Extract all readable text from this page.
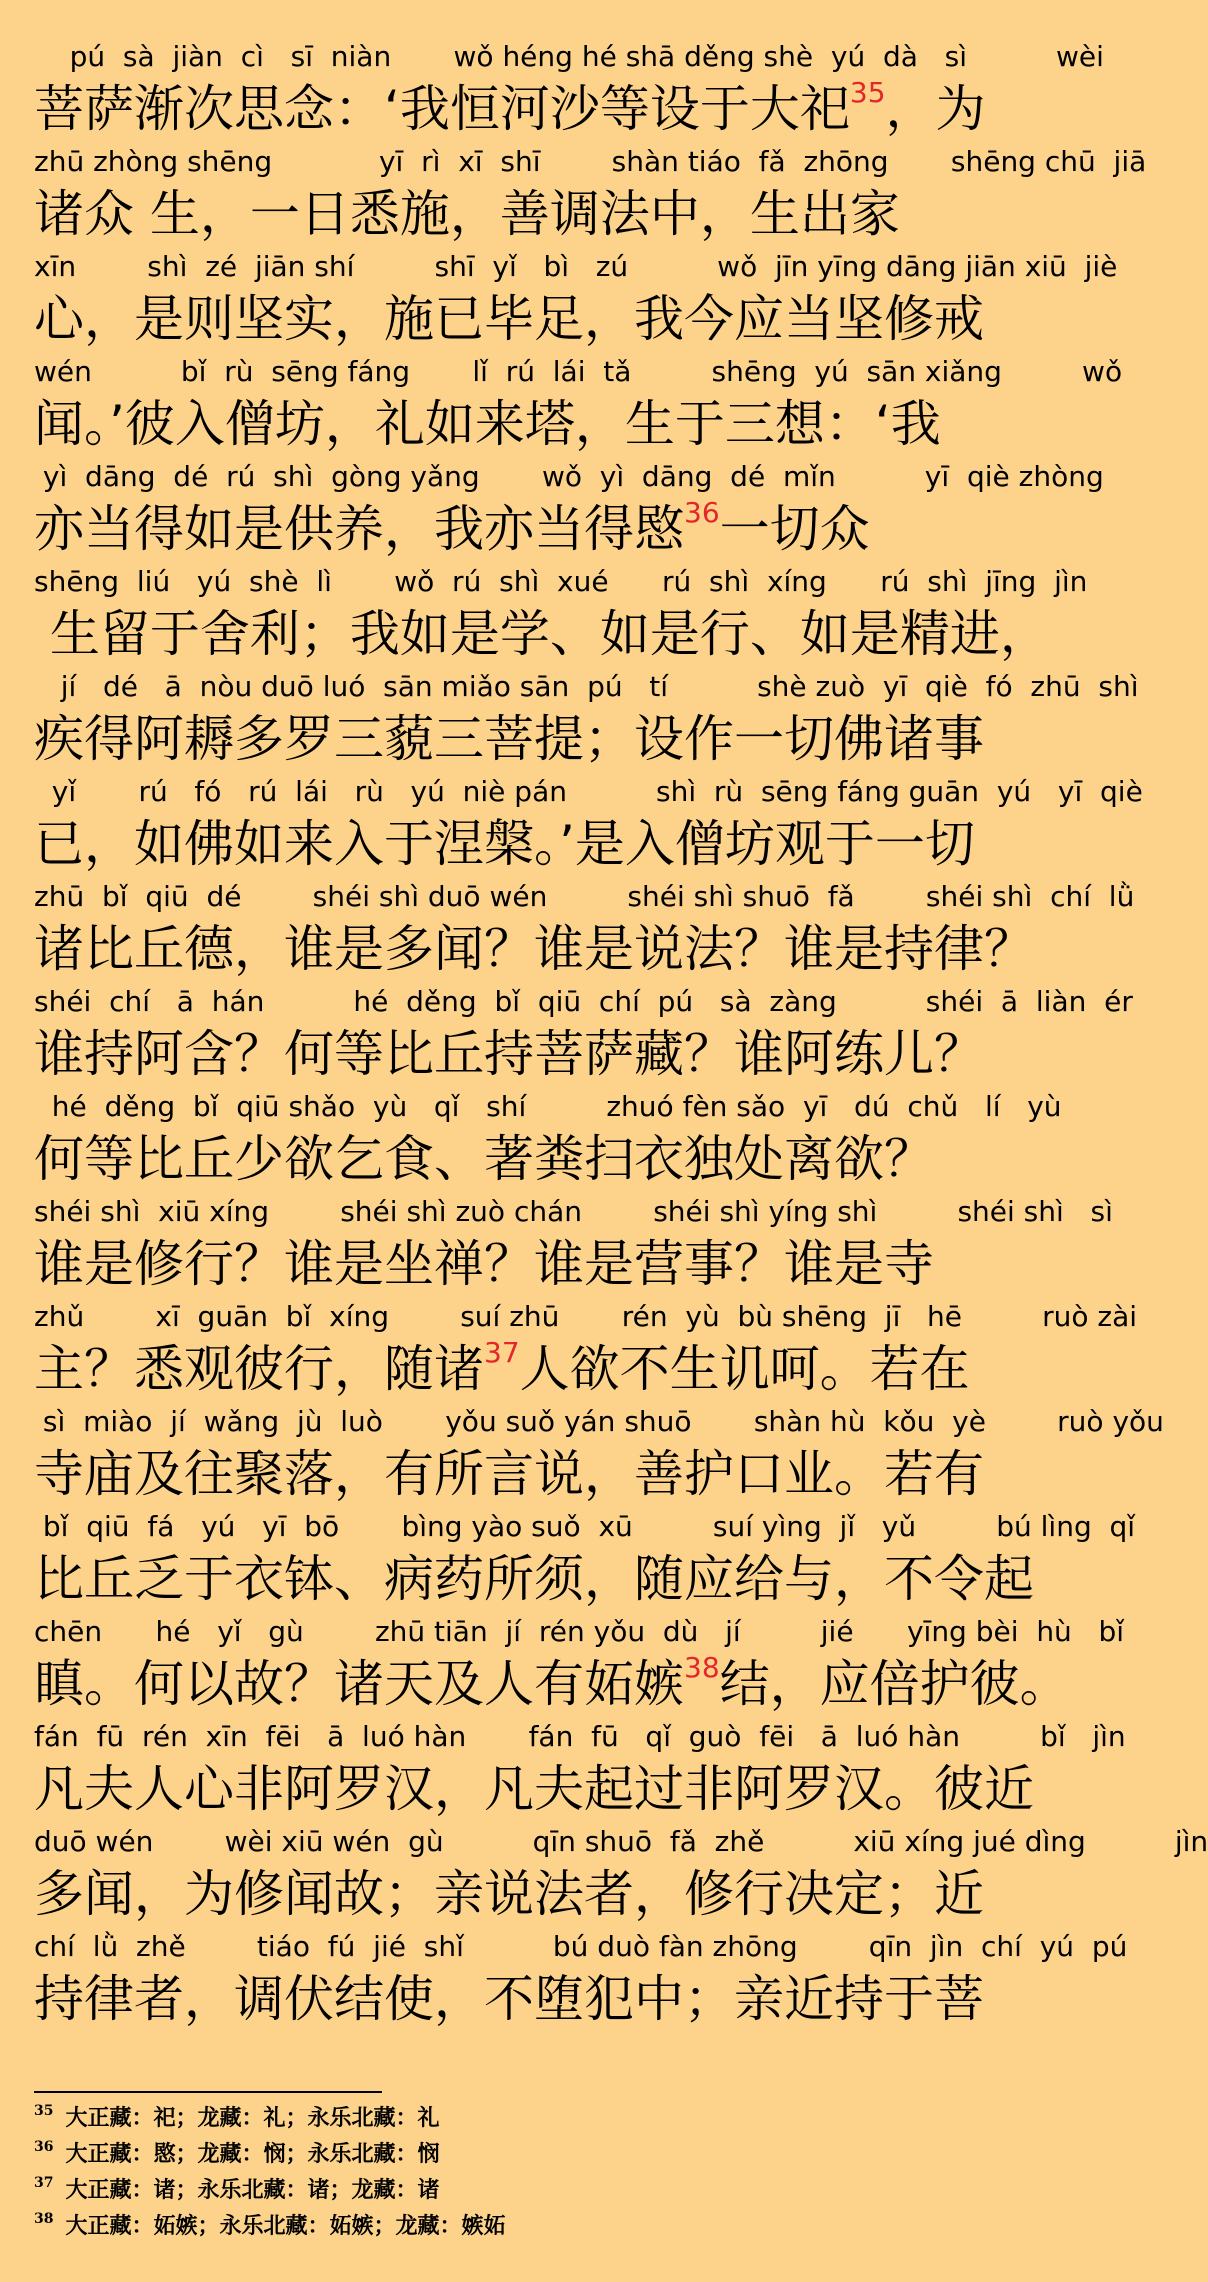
pú  sà  jiàn  cì   sī  niàn       wǒ héng hé shā děng shè  yú  dà   sì          wèi
菩萨渐次思念：‘我恒河沙等设于大祀$^{35}$，为
zhū zhòng shēng            yī  rì  xī  shī        shàn tiáo  fǎ  zhōng       shēng chū  jiā
诸众 生，一日悉施，善调法中，生出家
xīn        shì  zé  jiān shí         shī  yǐ   bì   zú          wǒ  jīn yīng dāng jiān xiū  jiè
心，是则坚实，施已毕足，我今应当坚修戒
wén          bǐ  rù  sēng fáng       lǐ  rú  lái  tǎ         shēng  yú  sān xiǎng         wǒ
闻。’彼入僧坊，礼如来塔，生于三想：‘我
yì  dāng  dé  rú  shì  gòng yǎng       wǒ  yì  dāng  dé  mǐn          yī  qiè zhòng
亦当得如是供养，我亦当得愍$^{36}$一切众
shēng  liú   yú  shè  lì       wǒ  rú  shì  xué      rú  shì  xíng      rú  shì  jīng  jìn
生留于舍利；我如是学、如是行、如是精进，
jí   dé   ā  nòu duō luó  sān miǎo sān  pú   tí          shè zuò  yī  qiè  fó  zhū  shì
疾得阿耨多罗三藐三菩提；设作一切佛诸事
yǐ       rú   fó   rú  lái   rù   yú  niè pán          shì  rù  sēng fáng guān  yú   yī  qiè
已，如佛如来入于涅槃。’是入僧坊观于一切
zhū  bǐ  qiū  dé        shéi shì duō wén         shéi shì shuō  fǎ        shéi shì  chí  lǜ
诸比丘德，谁是多闻？谁是说法？谁是持律？
shéi  chí   ā  hán          hé  děng  bǐ  qiū  chí  pú   sà  zàng          shéi  ā  liàn  ér
谁持阿含？何等比丘持菩萨藏？谁阿练儿？
hé  děng  bǐ  qiū shǎo  yù   qǐ   shí         zhuó fèn sǎo  yī   dú  chǔ   lí   yù
何等比丘少欲乞食、著粪扫衣独处离欲？
shéi shì  xiū xíng        shéi shì zuò chán        shéi shì yíng shì         shéi shì   sì
谁是修行？谁是坐禅？谁是营事？谁是寺
zhǔ        xī  guān  bǐ  xíng        suí zhū       rén  yù  bù shēng  jī   hē         ruò zài
主？悉观彼行，随诸$^{37}$人欲不生讥呵。若在
sì  miào  jí  wǎng  jù  luò       yǒu suǒ yán shuō       shàn hù  kǒu  yè        ruò yǒu
寺庙及往聚落，有所言说，善护口业。若有
bǐ  qiū  fá   yú   yī  bō       bìng yào suǒ  xū         suí yìng  jǐ   yǔ         bú lìng  qǐ
比丘乏于衣钵、病药所须，随应给与，不令起
chēn      hé   yǐ   gù        zhū tiān  jí  rén yǒu  dù   jí         jié      yīng bèi  hù   bǐ
瞋。何以故？诸天及人有妬嫉$^{38}$结，应倍护彼。
fán  fū  rén  xīn  fēi   ā  luó hàn       fán  fū   qǐ  guò  fēi   ā  luó hàn         bǐ   jìn
凡夫人心非阿罗汉，凡夫起过非阿罗汉。彼近
duō wén        wèi xiū wén  gù          qīn shuō  fǎ  zhě          xiū xíng jué dìng          jìn
多闻，为修闻故；亲说法者，修行决定；近
chí  lǜ  zhě        tiáo  fú  jié  shǐ          bú duò fàn zhōng        qīn  jìn  chí  yú  pú
持律者，调伏结使，不堕犯中；亲近持于菩
$^{35}$ 大正藏：祀；龙藏：礼；永乐北藏：礼
$^{36}$ 大正藏：愍；龙藏：悯；永乐北藏：悯
$^{37}$ 大正藏：诸；永乐北藏：诸；龙藏：诸
$^{38}$ 大正藏：妬嫉；永乐北藏：妬嫉；龙藏：嫉妬
